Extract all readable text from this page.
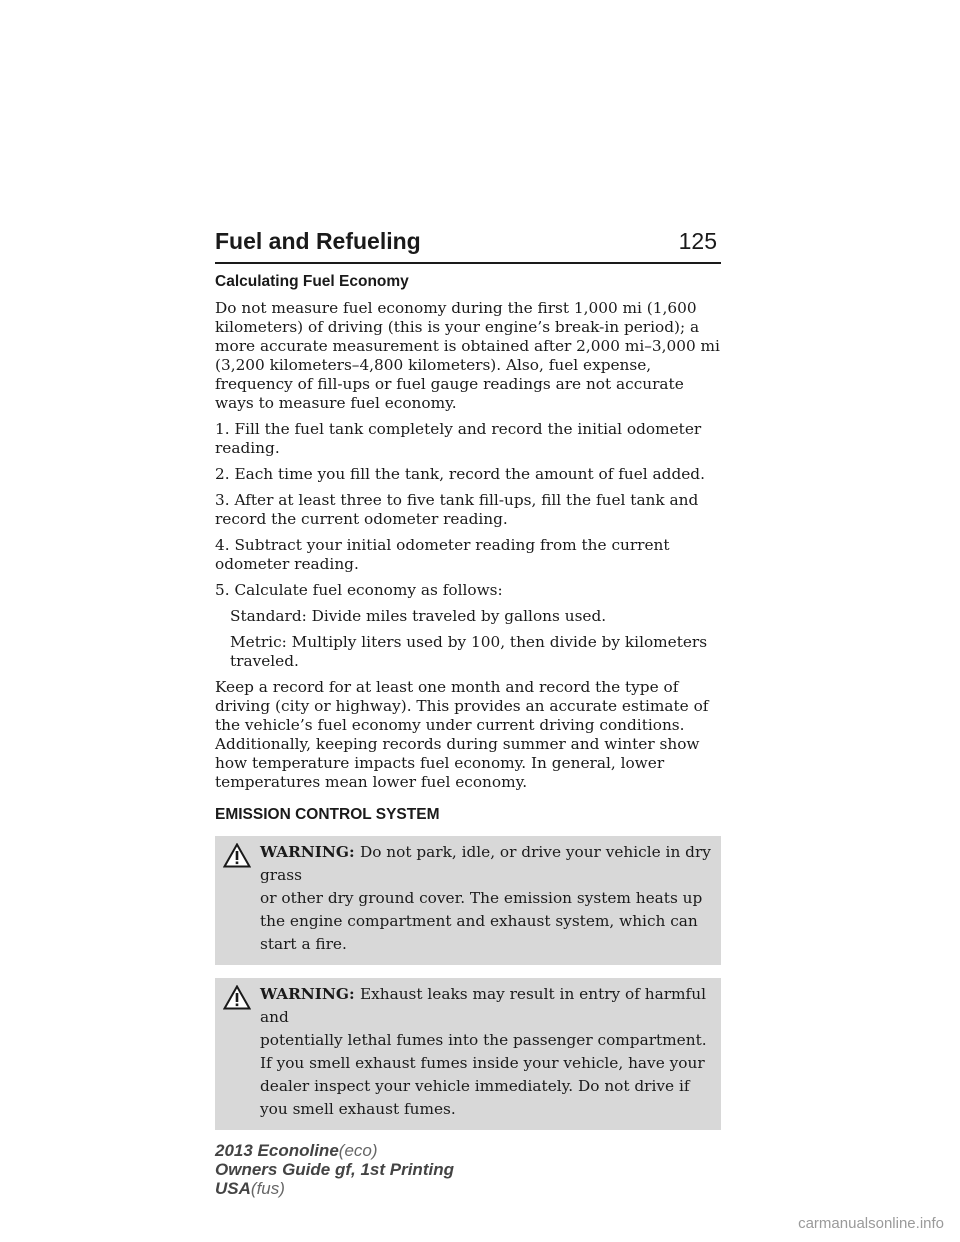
Fuel and Refueling	125
Calculating Fuel Economy

Do not measure fuel economy during the first 1,000 mi (1,600 kilometers) of driving (this is your engine’s break-in period); a more accurate measurement is obtained after 2,000 mi–3,000 mi (3,200 kilometers–4,800 kilometers). Also, fuel expense, frequency of fill-ups or fuel gauge readings are not accurate ways to measure fuel economy.

1. Fill the fuel tank completely and record the initial odometer reading.

2. Each time you fill the tank, record the amount of fuel added.

3. After at least three to five tank fill-ups, fill the fuel tank and record the current odometer reading.

4. Subtract your initial odometer reading from the current odometer reading.

5. Calculate fuel economy as follows:

Standard: Divide miles traveled by gallons used.

Metric: Multiply liters used by 100, then divide by kilometers traveled.

Keep a record for at least one month and record the type of driving (city or highway). This provides an accurate estimate of the vehicle’s fuel economy under current driving conditions. Additionally, keeping records during summer and winter show how temperature impacts fuel economy. In general, lower temperatures mean lower fuel economy.

EMISSION CONTROL SYSTEM
WARNING: Do not park, idle, or drive your vehicle in dry grass
or other dry ground cover. The emission system heats up the engine compartment and exhaust system, which can start a fire.
WARNING: Exhaust leaks may result in entry of harmful and
potentially lethal fumes into the passenger compartment. If you smell exhaust fumes inside your vehicle, have your dealer inspect your vehicle immediately. Do not drive if you smell exhaust fumes.
2013 Econoline(eco)
Owners Guide gf, 1st Printing
USA(fus)
carmanualsonline.info
